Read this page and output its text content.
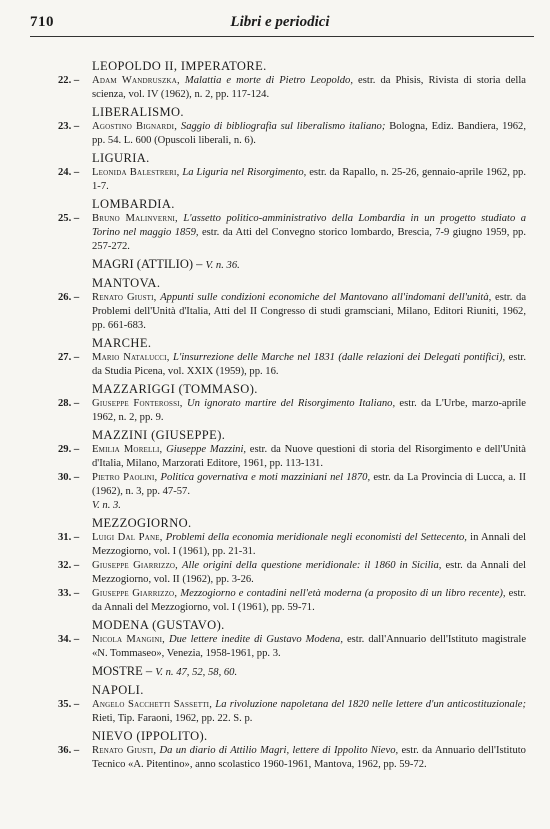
710	Libri e periodici
LEOPOLDO II, IMPERATORE.
22. – Adam Wandruszka, Malattia e morte di Pietro Leopoldo, estr. da Phisis, Rivista di storia della scienza, vol. IV (1962), n. 2, pp. 117-124.
LIBERALISMO.
23. – Agostino Bignardi, Saggio di bibliografia sul liberalismo italiano; Bologna, Ediz. Bandiera, 1962, pp. 54. L. 600 (Opuscoli liberali, n. 6).
LIGURIA.
24. – Leonida Balestreri, La Liguria nel Risorgimento, estr. da Rapallo, n. 25-26, gennaio-aprile 1962, pp. 1-7.
LOMBARDIA.
25. – Bruno Malinverni, L'assetto politico-amministrativo della Lombardia in un progetto studiato a Torino nel maggio 1859, estr. da Atti del Convegno storico lombardo, Brescia, 7-9 giugno 1959, pp. 257-272.
MAGRI (ATTILIO) – V. n. 36.
MANTOVA.
26. – Renato Giusti, Appunti sulle condizioni economiche del Mantovano all'indomani dell'unità, estr. da Problemi dell'Unità d'Italia, Atti del II Congresso di studi gramsciani, Milano, Editori Riuniti, 1962, pp. 661-683.
MARCHE.
27. – Mario Natalucci, L'insurrezione delle Marche nel 1831 (dalle relazioni dei Delegati pontifici), estr. da Studia Picena, vol. XXIX (1959), pp. 16.
MAZZARIGGI (TOMMASO).
28. – Giuseppe Fonterossi, Un ignorato martire del Risorgimento Italiano, estr. da L'Urbe, marzo-aprile 1962, n. 2, pp. 9.
MAZZINI (GIUSEPPE).
29. – Emilia Morelli, Giuseppe Mazzini, estr. da Nuove questioni di storia del Risorgimento e dell'Unità d'Italia, Milano, Marzorati Editore, 1961, pp. 113-131.
30. – Pietro Paolini, Politica governativa e moti mazziniani nel 1870, estr. da La Provincia di Lucca, a. II (1962), n. 3, pp. 47-57.
V. n. 3.
MEZZOGIORNO.
31. – Luigi Dal Pane, Problemi della economia meridionale negli economisti del Settecento, in Annali del Mezzogiorno, vol. I (1961), pp. 21-31.
32. – Giuseppe Giarrizzo, Alle origini della questione meridionale: il 1860 in Sicilia, estr. da Annali del Mezzogiorno, vol. II (1962), pp. 3-26.
33. – Giuseppe Giarrizzo, Mezzogiorno e contadini nell'età moderna (a proposito di un libro recente), estr. da Annali del Mezzogiorno, vol. I (1961), pp. 59-71.
MODENA (GUSTAVO).
34. – Nicola Mangini, Due lettere inedite di Gustavo Modena, estr. dall'Annuario dell'Istituto magistrale «N. Tommaseo», Venezia, 1958-1961, pp. 3.
MOSTRE – V. n. 47, 52, 58, 60.
NAPOLI.
35. – Angelo Sacchetti Sassetti, La rivoluzione napoletana del 1820 nelle lettere d'un anticostituzionale; Rieti, Tip. Faraoni, 1962, pp. 22. S. p.
NIEVO (IPPOLITO).
36. – Renato Giusti, Da un diario di Attilio Magri, lettere di Ippolito Nievo, estr. da Annuario dell'Istituto Tecnico «A. Pitentino», anno scolastico 1960-1961, Mantova, 1962, pp. 59-72.
